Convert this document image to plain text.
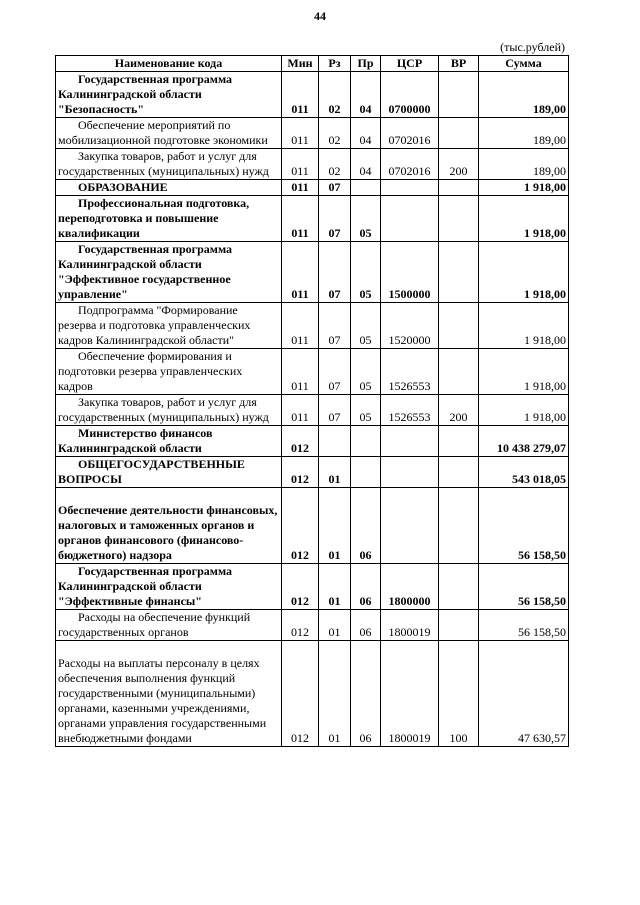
44
(тыс.рублей)
Наименование кода	Мин	Рз	Пр	ЦСР	ВР	Сумма
Государственная программа Калининградской области "Безопасность"	011	02	04	0700000		189,00
Обеспечение мероприятий по мобилизационной подготовке экономики	011	02	04	0702016		189,00
Закупка товаров, работ и услуг для государственных (муниципальных) нужд	011	02	04	0702016	200	189,00
ОБРАЗОВАНИЕ	011	07				1 918,00
Профессиональная подготовка, переподготовка и повышение квалификации	011	07	05			1 918,00
Государственная программа Калининградской области "Эффективное государственное управление"	011	07	05	1500000		1 918,00
Подпрограмма "Формирование резерва и подготовка управленческих кадров Калининградской области"	011	07	05	1520000		1 918,00
Обеспечение формирования и подготовки резерва управленческих кадров	011	07	05	1526553		1 918,00
Закупка товаров, работ и услуг для государственных (муниципальных) нужд	011	07	05	1526553	200	1 918,00
Министерство финансов Калининградской области	012					10 438 279,07
ОБЩЕГОСУДАРСТВЕННЫЕ ВОПРОСЫ	012	01				543 018,05

Обеспечение деятельности финансовых, налоговых и таможенных органов и органов финансового (финансово-бюджетного) надзора	012	01	06			56 158,50
Государственная программа Калининградской области "Эффективные финансы"	012	01	06	1800000		56 158,50
Расходы на обеспечение функций государственных органов	012	01	06	1800019		56 158,50

Расходы на выплаты персоналу в целях обеспечения выполнения функций государственными (муниципальными) органами, казенными учреждениями, органами управления государственными внебюджетными фондами	012	01	06	1800019	100	47 630,57
